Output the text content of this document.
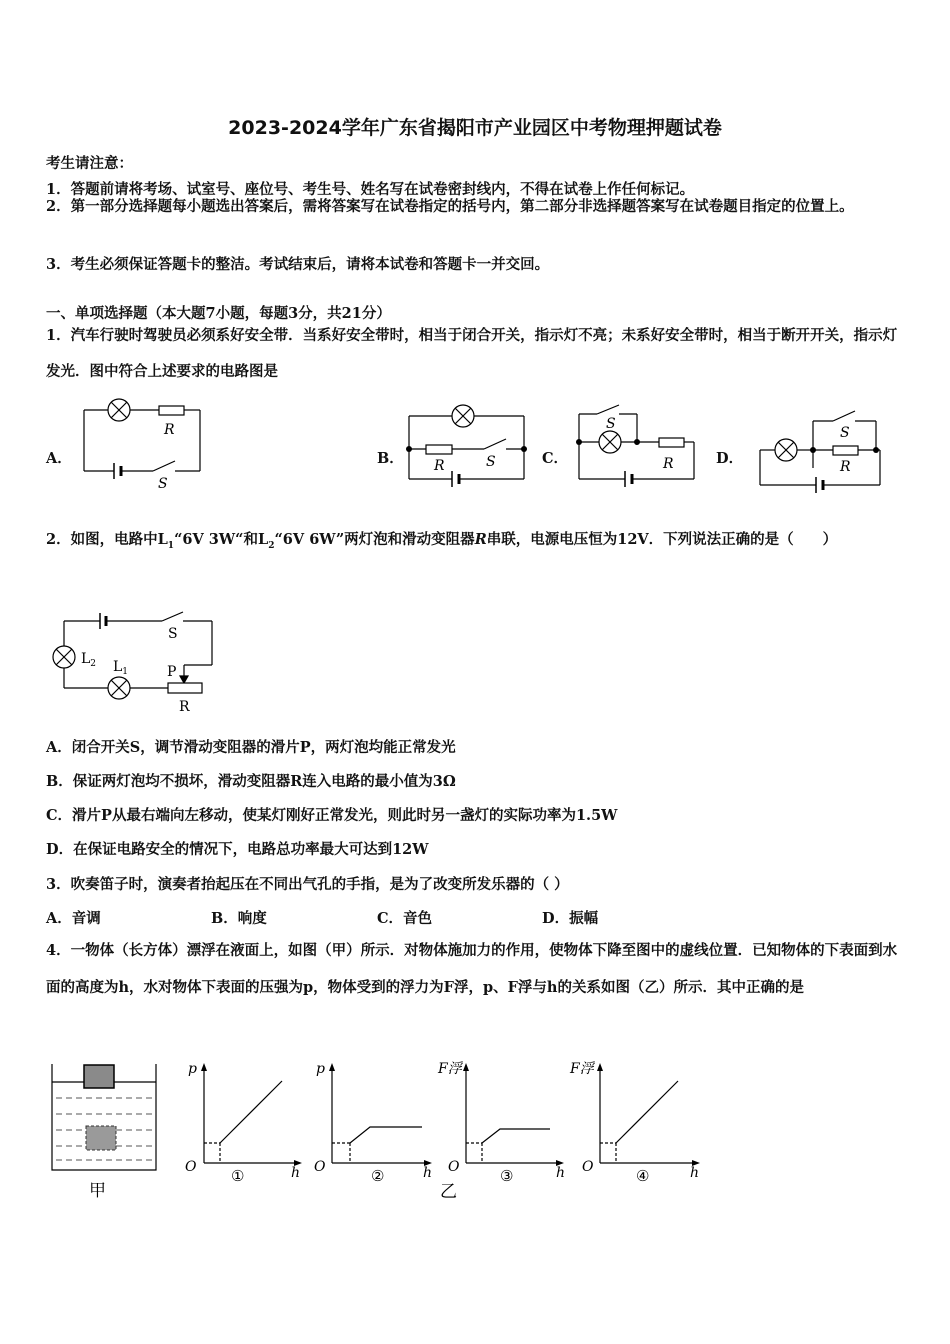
2023-2024学年广东省揭阳市产业园区中考物理押题试卷
考生请注意：
1．答题前请将考场、试室号、座位号、考生号、姓名写在试卷密封线内，不得在试卷上作任何标记。
2．第一部分选择题每小题选出答案后，需将答案写在试卷指定的括号内，第二部分非选择题答案写在试卷题目指定的位置上。
3．考生必须保证答题卡的整洁。考试结束后，请将本试卷和答题卡一并交回。
一、单项选择题（本大题7小题，每题3分，共21分）
1．汽车行驶时驾驶员必须系好安全带．当系好安全带时，相当于闭合开关，指示灯不亮；未系好安全带时，相当于断开开关，指示灯发光．图中符合上述要求的电路图是
A．	B．	C．	D．
R
S
R	S
S
R
S
R
2．如图，电路中$L_1“6V$ 3W“和$L_2“6V$ 6W”两灯泡和滑动变阻器R串联，电源电压恒为12V．下列说法正确的是（　　）
S
$L_2$ $L_1$	P
R
A．闭合开关S，调节滑动变阻器的滑片P，两灯泡均能正常发光
B．保证两灯泡均不损坏，滑动变阻器R连入电路的最小值为3Ω
C．滑片P从最右端向左移动，使某灯刚好正常发光，则此时另一盏灯的实际功率为1.5W
D．在保证电路安全的情况下，电路总功率最大可达到12W
3．吹奏笛子时，演奏者抬起压在不同出气孔的手指，是为了改变所发乐器的（ ）
A．音调	B．响度	C．音色	D．振幅
4．一物体（长方体）漂浮在液面上，如图（甲）所示．对物体施加力的作用，使物体下降至图中的虚线位置．已知物体的下表面到水面的高度为h，水对物体下表面的压强为p，物体受到的浮力为F浮，p、F浮与h的关系如图（乙）所示．其中正确的是
甲
p
O	h
①
p
O	h
②
F浮
O	h
③
乙
F浮
O	h
④
